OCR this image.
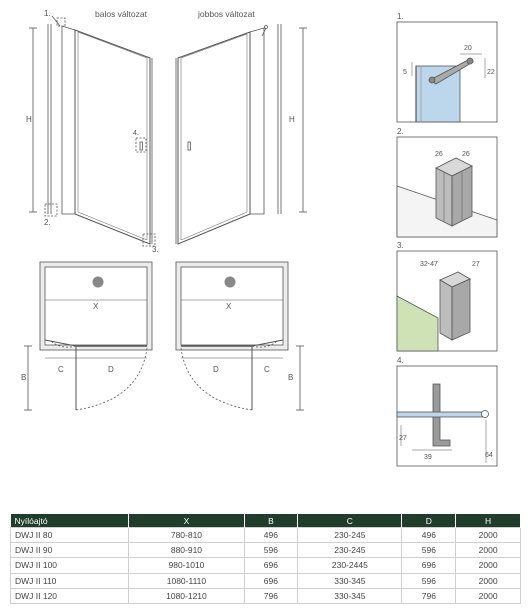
balos változat
1.
H
4.
2.
3.
jobbos változat
H
X
B
C	D
X
B
D	C
1.
20
5	22
2.
26	26
3.
32-47	27
4.
27
39	64
Nyílóajtó	X	B	C	D	H
DWJ II 80	780-810	496	230-245	496	2000
DWJ II 90	880-910	596	230-245	596	2000
DWJ II 100	980-1010	696	230-2445	696	2000
DWJ II 110	1080-1110	696	330-345	596	2000
DWJ II 120	1080-1210	796	330-345	796	2000
